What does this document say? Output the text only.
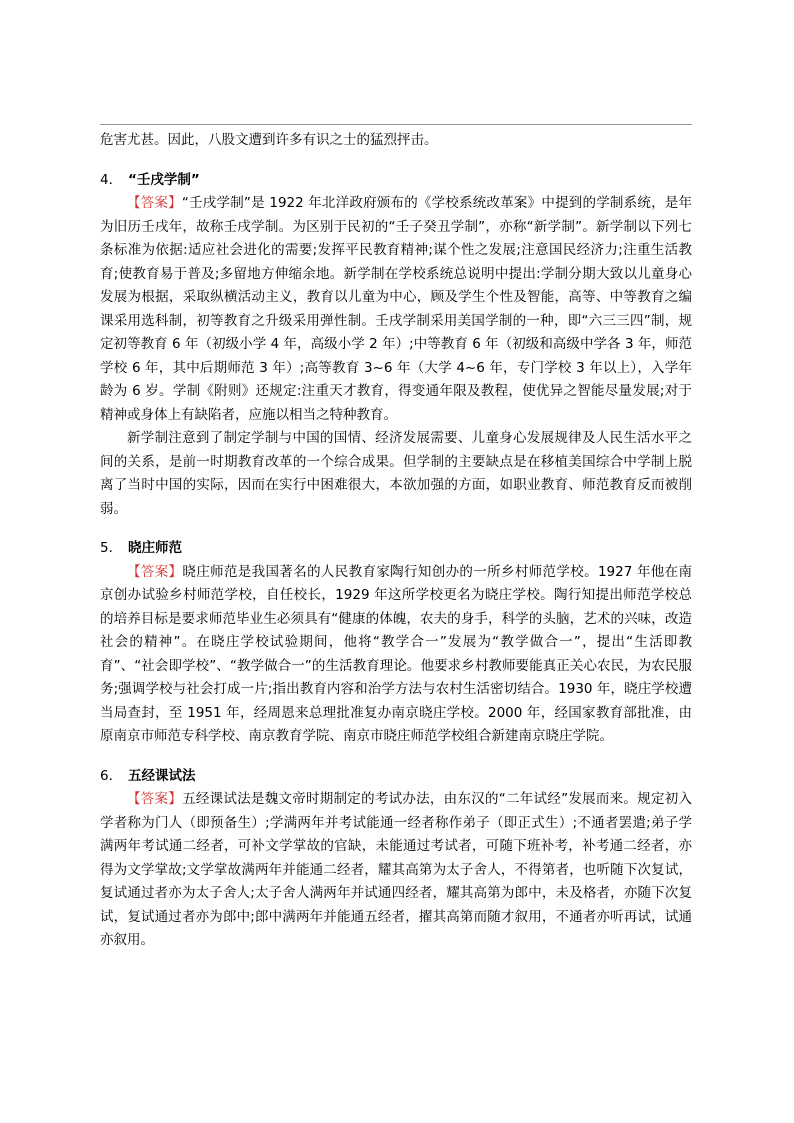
危害尤甚。因此，八股文遭到许多有识之士的猛烈抨击。

4． “壬戌学制”

【答案】“壬戌学制”是 1922 年北洋政府颁布的《学校系统改革案》中提到的学制系统，是年为旧历壬戌年，故称壬戌学制。为区别于民初的“壬子癸丑学制”，亦称“新学制”。新学制以下列七条标准为依据:适应社会进化的需要;发挥平民教育精神;谋个性之发展;注意国民经济力;注重生活教育;使教育易于普及;多留地方伸缩余地。新学制在学校系统总说明中提出:学制分期大致以儿童身心发展为根据，采取纵横活动主义，教育以儿童为中心，顾及学生个性及智能，高等、中等教育之编课采用选科制，初等教育之升级采用弹性制。壬戌学制采用美国学制的一种，即“六三三四”制，规定初等教育 6 年（初级小学 4 年，高级小学 2 年）;中等教育 6 年（初级和高级中学各 3 年，师范学校 6 年，其中后期师范 3 年）;高等教育 3~6 年（大学 4~6 年，专门学校 3 年以上），入学年龄为 6 岁。学制《附则》还规定:注重天才教育，得变通年限及教程，使优异之智能尽量发展;对于精神或身体上有缺陷者，应施以相当之特种教育。

新学制注意到了制定学制与中国的国情、经济发展需要、儿童身心发展规律及人民生活水平之间的关系，是前一时期教育改革的一个综合成果。但学制的主要缺点是在移植美国综合中学制上脱离了当时中国的实际，因而在实行中困难很大，本欲加强的方面，如职业教育、师范教育反而被削弱。

5． 晓庄师范

【答案】晓庄师范是我国著名的人民教育家陶行知创办的一所乡村师范学校。1927 年他在南京创办试验乡村师范学校，自任校长，1929 年这所学校更名为晓庄学校。陶行知提出师范学校总的培养目标是要求师范毕业生必须具有“健康的体魄，农夫的身手，科学的头脑，艺术的兴味，改造社会的精神”。在晓庄学校试验期间，他将“教学合一”发展为“教学做合一”，提出“生活即教育”、“社会即学校”、“教学做合一”的生活教育理论。他要求乡村教师要能真正关心农民，为农民服务;强调学校与社会打成一片;指出教育内容和治学方法与农村生活密切结合。1930 年，晓庄学校遭当局查封，至 1951 年，经周恩来总理批准复办南京晓庄学校。2000 年，经国家教育部批准，由原南京市师范专科学校、南京教育学院、南京市晓庄师范学校组合新建南京晓庄学院。

6． 五经课试法

【答案】五经课试法是魏文帝时期制定的考试办法，由东汉的“二年试经”发展而来。规定初入学者称为门人（即预备生）;学满两年并考试能通一经者称作弟子（即正式生）;不通者罢遣;弟子学满两年考试通二经者，可补文学掌故的官缺，未能通过考试者，可随下班补考，补考通二经者，亦得为文学掌故;文学掌故满两年并能通二经者，耀其高第为太子舍人，不得第者，也听随下次复试，复试通过者亦为太子舍人;太子舍人满两年并试通四经者，耀其高第为郎中，未及格者，亦随下次复试，复试通过者亦为郎中;郎中满两年并能通五经者，擢其高第而随才叙用，不通者亦听再试，试通亦叙用。
